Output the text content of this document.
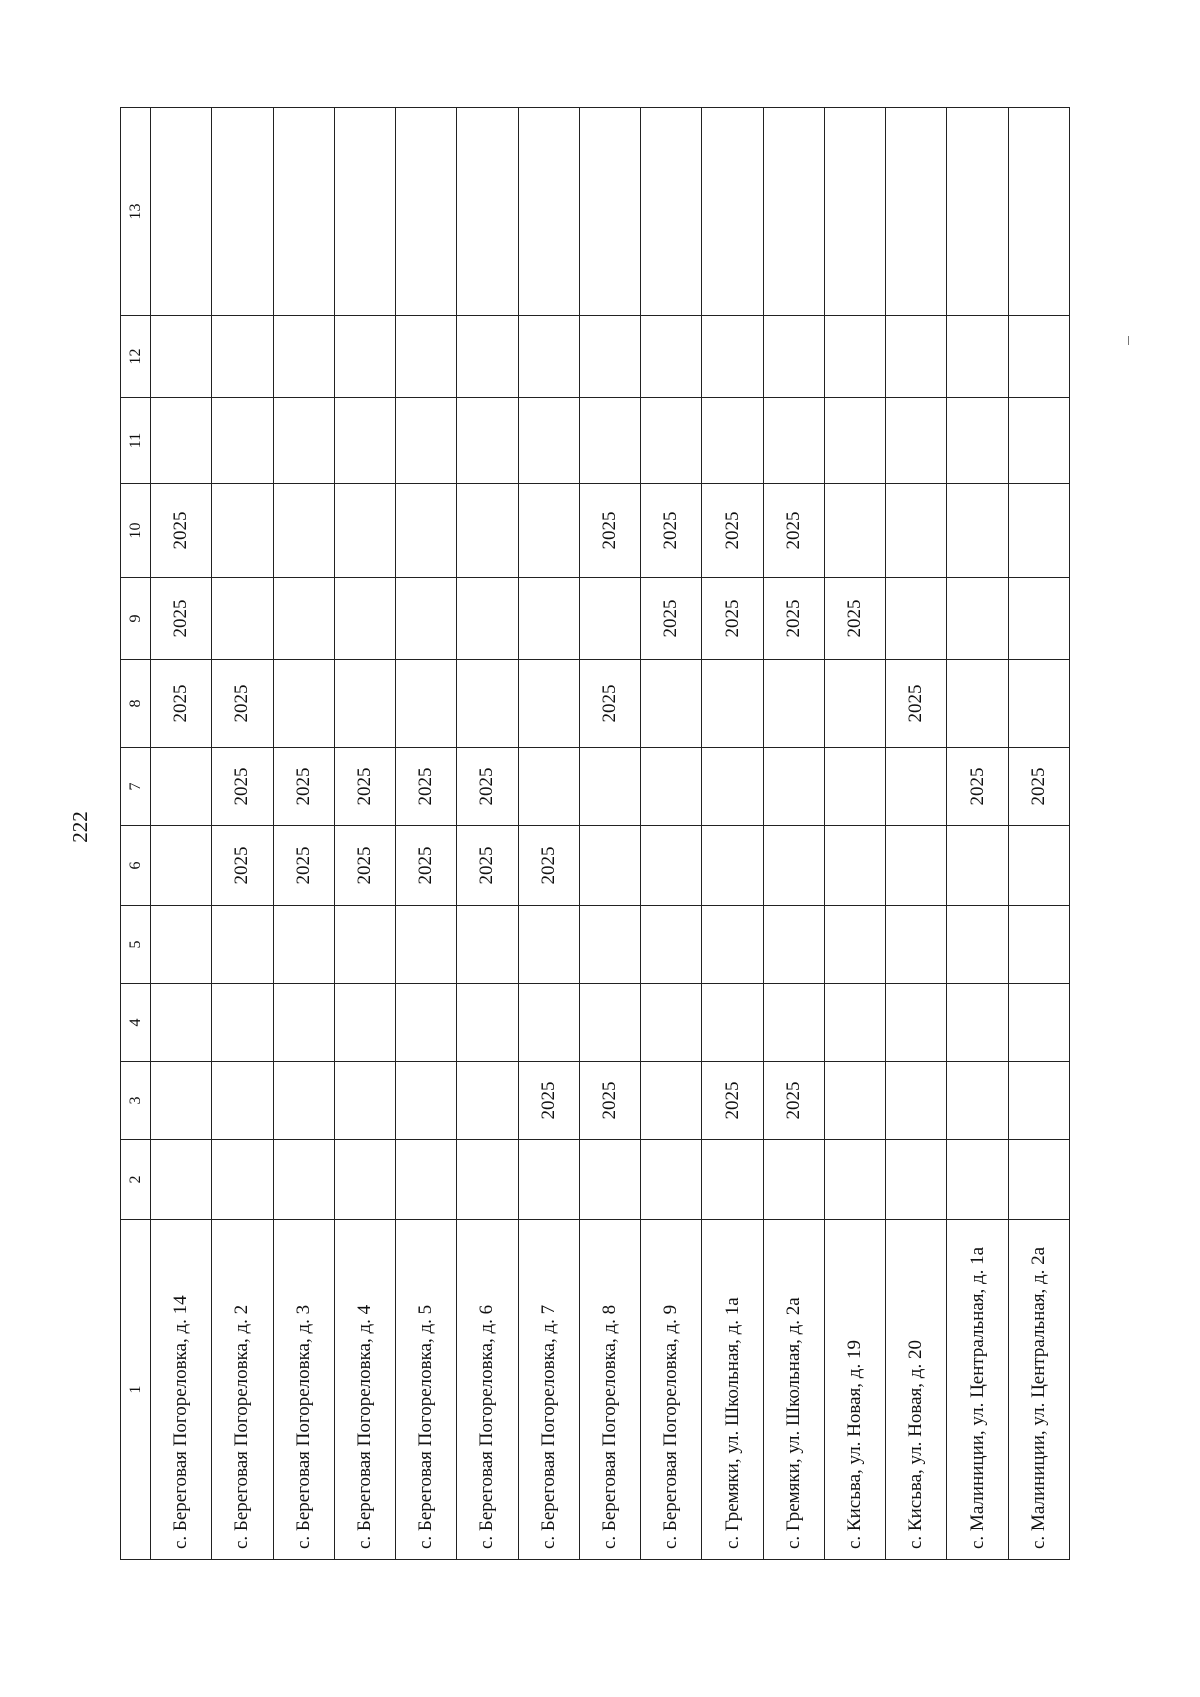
222
1	2	3	4	5	6	7	8	9	10	11	12	13
с. Береговая Погореловка, д. 14							2025	2025	2025			
с. Береговая Погореловка, д. 2					2025	2025	2025					
с. Береговая Погореловка, д. 3					2025	2025						
с. Береговая Погореловка, д. 4					2025	2025						
с. Береговая Погореловка, д. 5					2025	2025						
с. Береговая Погореловка, д. 6					2025	2025						
с. Береговая Погореловка, д. 7		2025			2025							
с. Береговая Погореловка, д. 8		2025					2025		2025			
с. Береговая Погореловка, д. 9								2025	2025			
с. Гремяки, ул. Школьная, д. 1а		2025						2025	2025			
с. Гремяки, ул. Школьная, д. 2а		2025						2025	2025			
с. Кисьва, ул. Новая, д. 19								2025				
с. Кисьва, ул. Новая, д. 20							2025					
с. Малиниции, ул. Центральная, д. 1а						2025						
с. Малиниции, ул. Центральная, д. 2а						2025						
